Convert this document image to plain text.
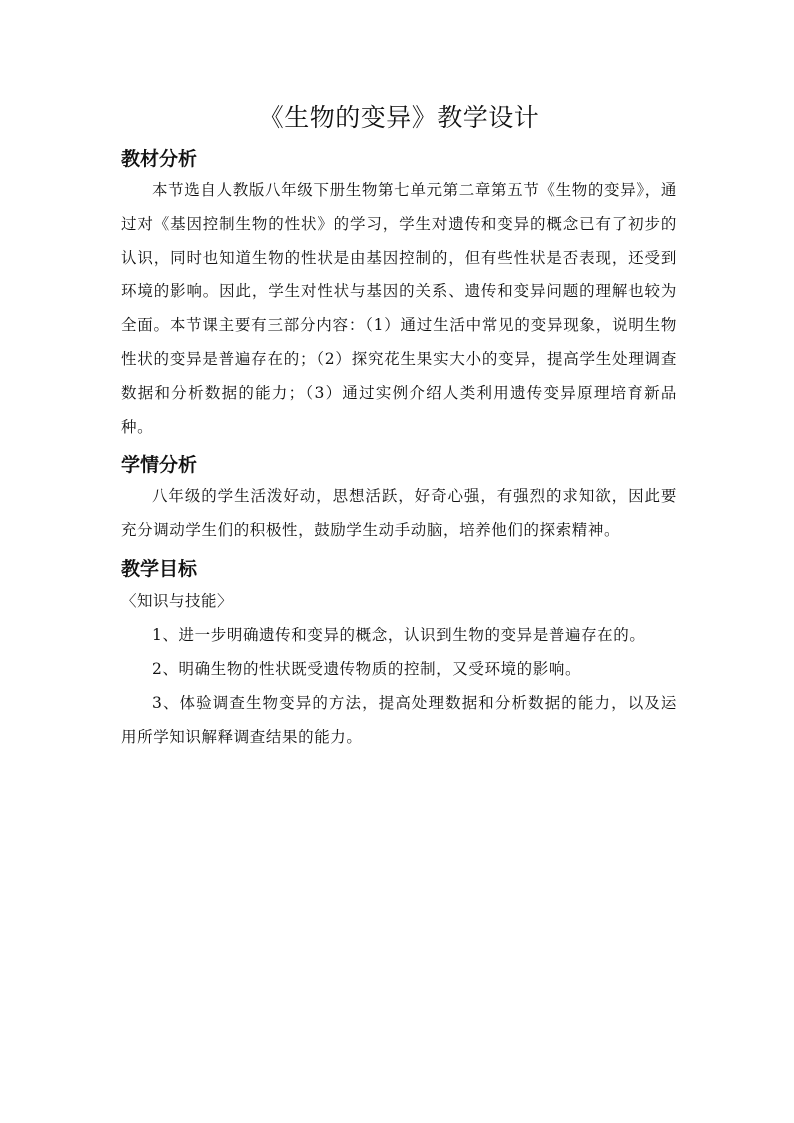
《生物的变异》教学设计
教材分析

本节选自人教版八年级下册生物第七单元第二章第五节《生物的变异》，通过对《基因控制生物的性状》的学习，学生对遗传和变异的概念已有了初步的认识，同时也知道生物的性状是由基因控制的，但有些性状是否表现，还受到环境的影响。因此，学生对性状与基因的关系、遗传和变异问题的理解也较为全面。本节课主要有三部分内容：（1）通过生活中常见的变异现象，说明生物性状的变异是普遍存在的；（2）探究花生果实大小的变异，提高学生处理调查数据和分析数据的能力；（3）通过实例介绍人类利用遗传变异原理培育新品种。

学情分析

八年级的学生活泼好动，思想活跃，好奇心强，有强烈的求知欲，因此要充分调动学生们的积极性，鼓励学生动手动脑，培养他们的探索精神。

教学目标

〈知识与技能〉

1、进一步明确遗传和变异的概念，认识到生物的变异是普遍存在的。

2、明确生物的性状既受遗传物质的控制，又受环境的影响。

3、体验调查生物变异的方法，提高处理数据和分析数据的能力，以及运用所学知识解释调查结果的能力。
